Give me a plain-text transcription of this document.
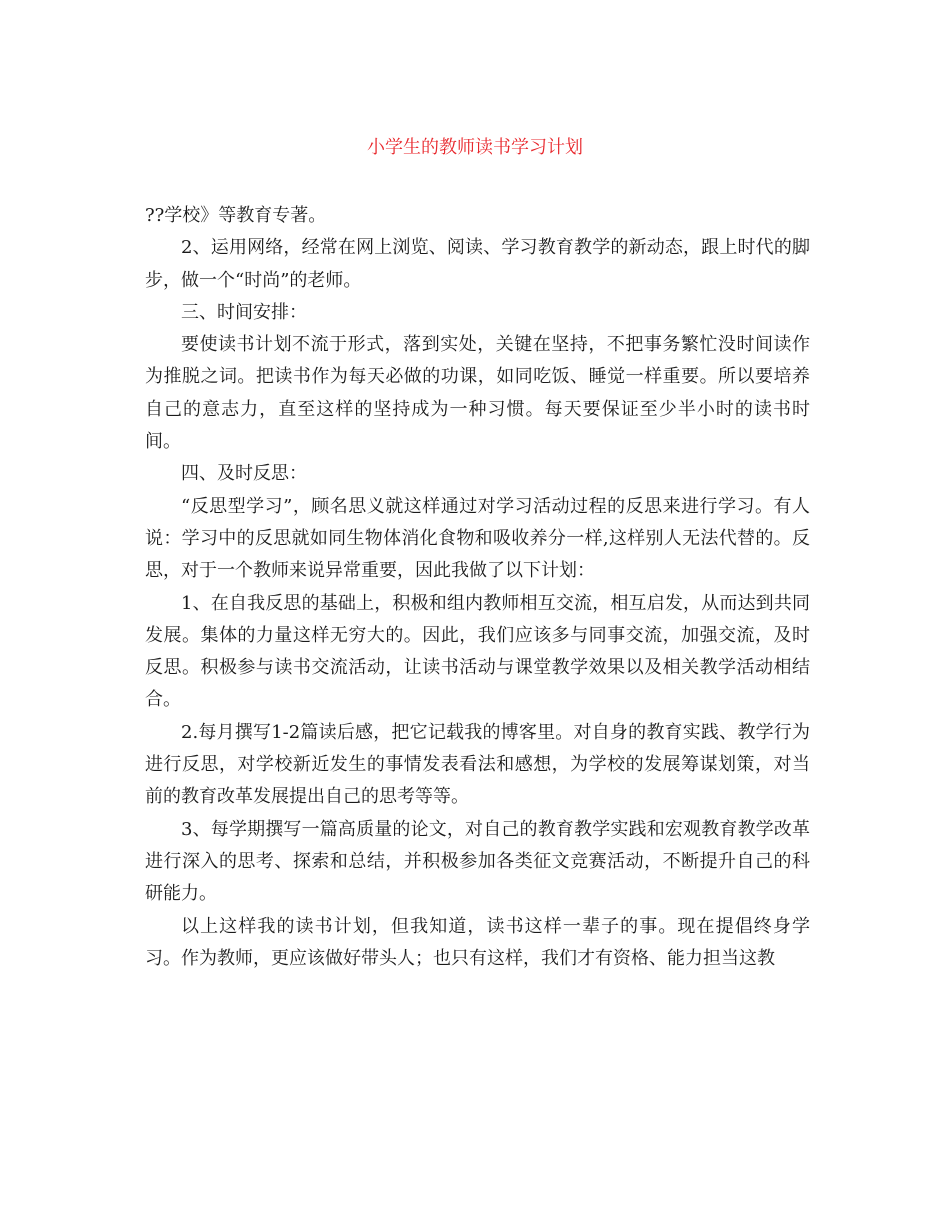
小学生的教师读书学习计划

??学校》等教育专著。

2、运用网络，经常在网上浏览、阅读、学习教育教学的新动态，跟上时代的脚步，做一个“时尚”的老师。

三、时间安排：

要使读书计划不流于形式，落到实处，关键在坚持，不把事务繁忙没时间读作为推脱之词。把读书作为每天必做的功课，如同吃饭、睡觉一样重要。所以要培养自己的意志力，直至这样的坚持成为一种习惯。每天要保证至少半小时的读书时间。

四、及时反思：

“反思型学习”，顾名思义就这样通过对学习活动过程的反思来进行学习。有人说：学习中的反思就如同生物体消化食物和吸收养分一样,这样别人无法代替的。反思，对于一个教师来说异常重要，因此我做了以下计划：

1、在自我反思的基础上，积极和组内教师相互交流，相互启发，从而达到共同发展。集体的力量这样无穷大的。因此，我们应该多与同事交流，加强交流，及时反思。积极参与读书交流活动，让读书活动与课堂教学效果以及相关教学活动相结合。

2.每月撰写1-2篇读后感，把它记载我的博客里。对自身的教育实践、教学行为进行反思，对学校新近发生的事情发表看法和感想，为学校的发展筹谋划策，对当前的教育改革发展提出自己的思考等等。

3、每学期撰写一篇高质量的论文，对自己的教育教学实践和宏观教育教学改革进行深入的思考、探索和总结，并积极参加各类征文竞赛活动，不断提升自己的科研能力。

以上这样我的读书计划，但我知道，读书这样一辈子的事。现在提倡终身学习。作为教师，更应该做好带头人；也只有这样，我们才有资格、能力担当这教
